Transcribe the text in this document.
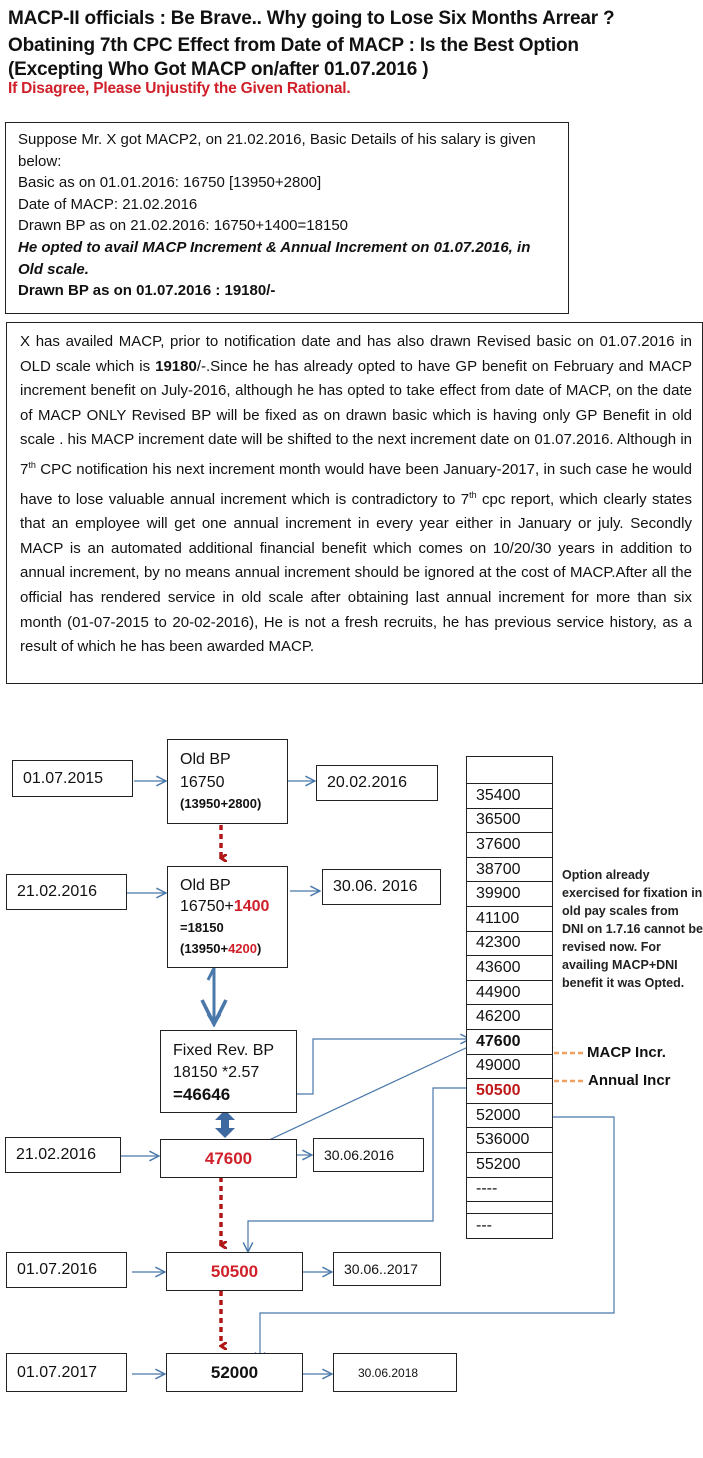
MACP-II officials : Be Brave.. Why going to Lose Six Months Arrear ?
Obatining 7th CPC Effect from Date of MACP : Is the Best Option
(Excepting Who Got MACP on/after 01.07.2016 )
If Disagree, Please Unjustify the Given Rational.
Suppose Mr. X got MACP2, on 21.02.2016, Basic Details of his salary is given below:
Basic as on 01.01.2016: 16750 [13950+2800]
Date of MACP: 21.02.2016
Drawn BP as on 21.02.2016: 16750+1400=18150
He opted to avail MACP Increment & Annual Increment on 01.07.2016, in Old scale.
Drawn BP as on 01.07.2016 : 19180/-

X has availed MACP, prior to notification date and has also drawn Revised basic on 01.07.2016 in OLD scale which is 19180/-.Since he has already opted to have GP benefit on February and MACP increment benefit on July-2016, although he has opted to take effect from date of MACP, on the date of MACP ONLY Revised BP will be fixed as on drawn basic which is having only GP Benefit in old scale . his MACP increment date will be shifted to the next increment date on 01.07.2016. Although in 7th CPC notification his next increment month would have been January-2017, in such case he would have to lose valuable annual increment which is contradictory to 7th cpc report, which clearly states that an employee will get one annual increment in every year either in January or july. Secondly MACP is an automated additional financial benefit which comes on 10/20/30 years in addition to annual increment, by no means annual increment should be ignored at the cost of MACP.After all the official has rendered service in old scale after obtaining last annual increment for more than six month (01-07-2015 to 20-02-2016), He is not a fresh recruits, he has previous service history, as a result of which he has been awarded MACP.

01.07.2015
Old BP
16750
(13950+2800)
20.02.2016
21.02.2016	Old BP
16750+1400
=18150
(13950+4200)
30.06. 2016
Fixed Rev. BP
18150 *2.57
=46646
21.02.2016	47600	30.06.2016
01.07.2016	50500	30.06..2017
01.07.2017	52000	30.06.2018
35400
36500
37600
38700
39900
41100
42300
43600
44900
46200
47600
49000
50500
52000
536000
55200
----
---
Option already exercised for fixation in old pay scales from DNI on 1.7.16 cannot be revised now. For availing MACP+DNI benefit it was Opted.
MACP Incr.
Annual Incr
